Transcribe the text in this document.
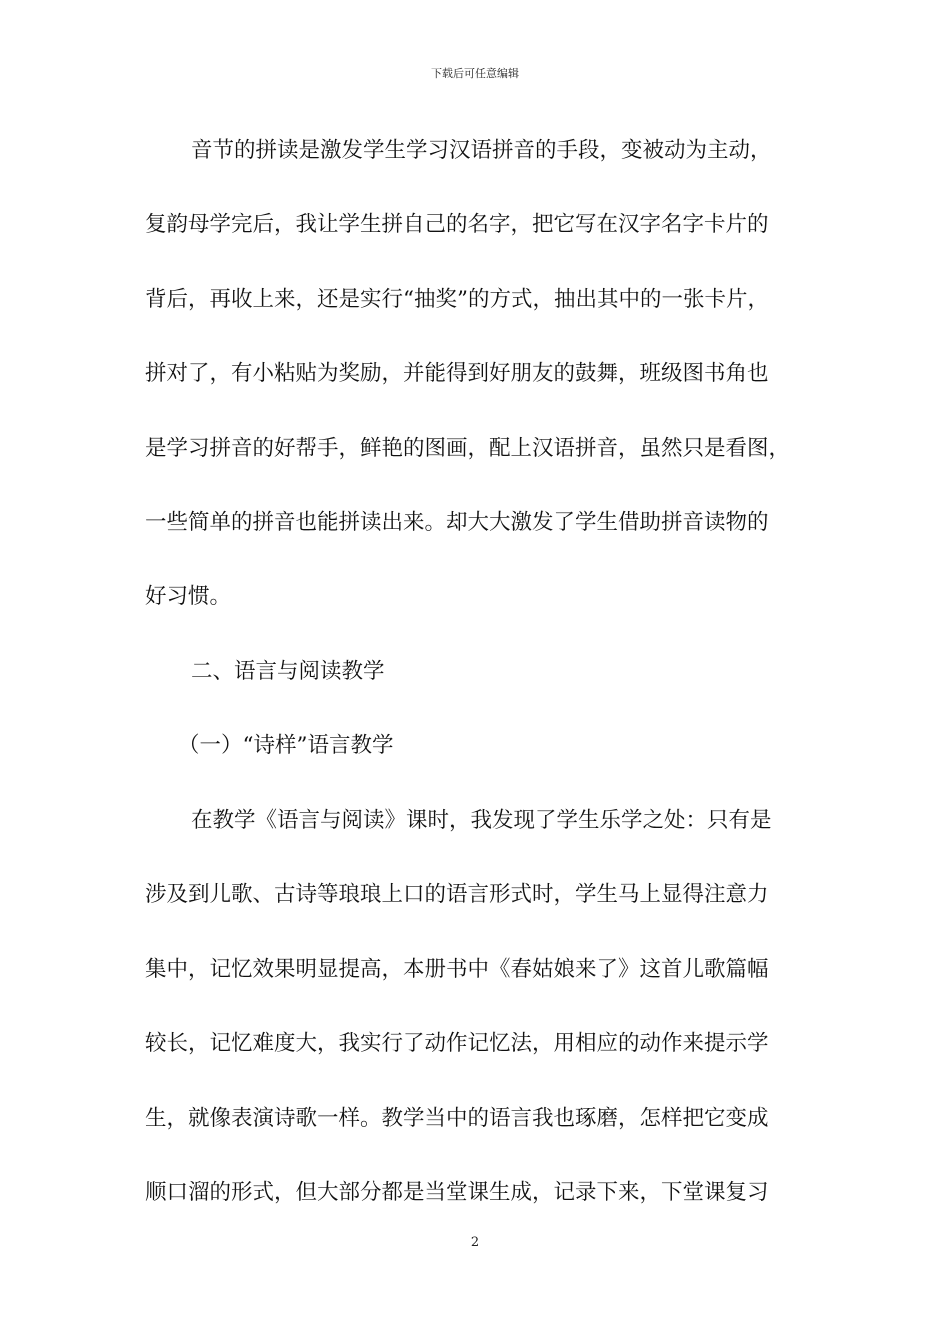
下载后可任意编辑
音节的拼读是激发学生学习汉语拼音的手段，变被动为主动，
复韵母学完后，我让学生拼自己的名字，把它写在汉字名字卡片的
背后，再收上来，还是实行“抽奖”的方式，抽出其中的一张卡片，
拼对了，有小粘贴为奖励，并能得到好朋友的鼓舞，班级图书角也
是学习拼音的好帮手，鲜艳的图画，配上汉语拼音，虽然只是看图，
一些简单的拼音也能拼读出来。却大大激发了学生借助拼音读物的
好习惯。
二、语言与阅读教学
（一）“诗样”语言教学
在教学《语言与阅读》课时，我发现了学生乐学之处：只有是
涉及到儿歌、古诗等琅琅上口的语言形式时，学生马上显得注意力
集中，记忆效果明显提高，本册书中《春姑娘来了》这首儿歌篇幅
较长，记忆难度大，我实行了动作记忆法，用相应的动作来提示学
生，就像表演诗歌一样。教学当中的语言我也琢磨，怎样把它变成
顺口溜的形式，但大部分都是当堂课生成，记录下来，下堂课复习
2
